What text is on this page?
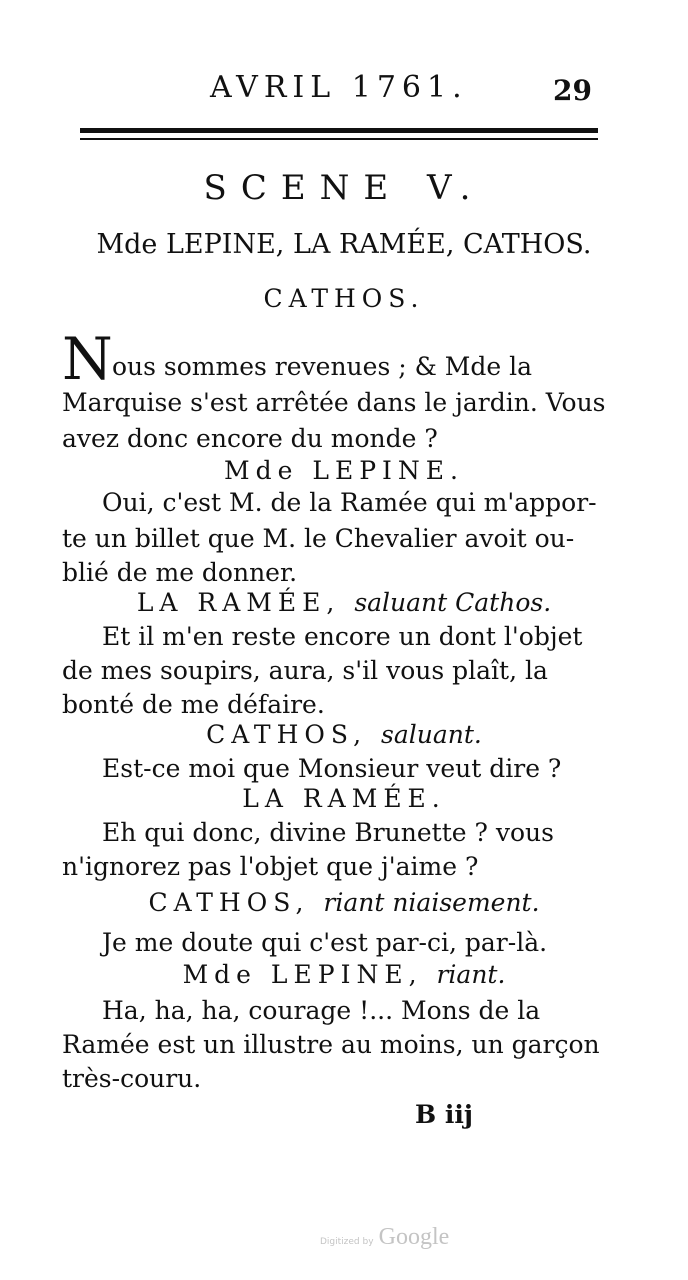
AVRIL 1761.	29
SCENE V.
Mde LEPINE, LA RAMÉE, CATHOS.
CATHOS.
N ous sommes revenues ; & Mde la
Marquise s'est arrêtée dans le jardin. Vous
avez donc encore du monde ?
Mde LEPINE.
Oui, c'est M. de la Ramée qui m'appor-
te un billet que M. le Chevalier avoit ou-
blié de me donner.
LA RAMÉE, saluant Cathos.
Et il m'en reste encore un dont l'objet
de mes soupirs, aura, s'il vous plaît, la
bonté de me défaire.
CATHOS, saluant.
Est-ce moi que Monsieur veut dire ?
LA RAMÉE.
Eh qui donc, divine Brunette ? vous
n'ignorez pas l'objet que j'aime ?
CATHOS, riant niaisement.
Je me doute qui c'est par-ci, par-là.
Mde LEPINE, riant.
Ha, ha, ha, courage !... Mons de la
Ramée est un illustre au moins, un garçon
très-couru.
B iij
Digitized by Google
